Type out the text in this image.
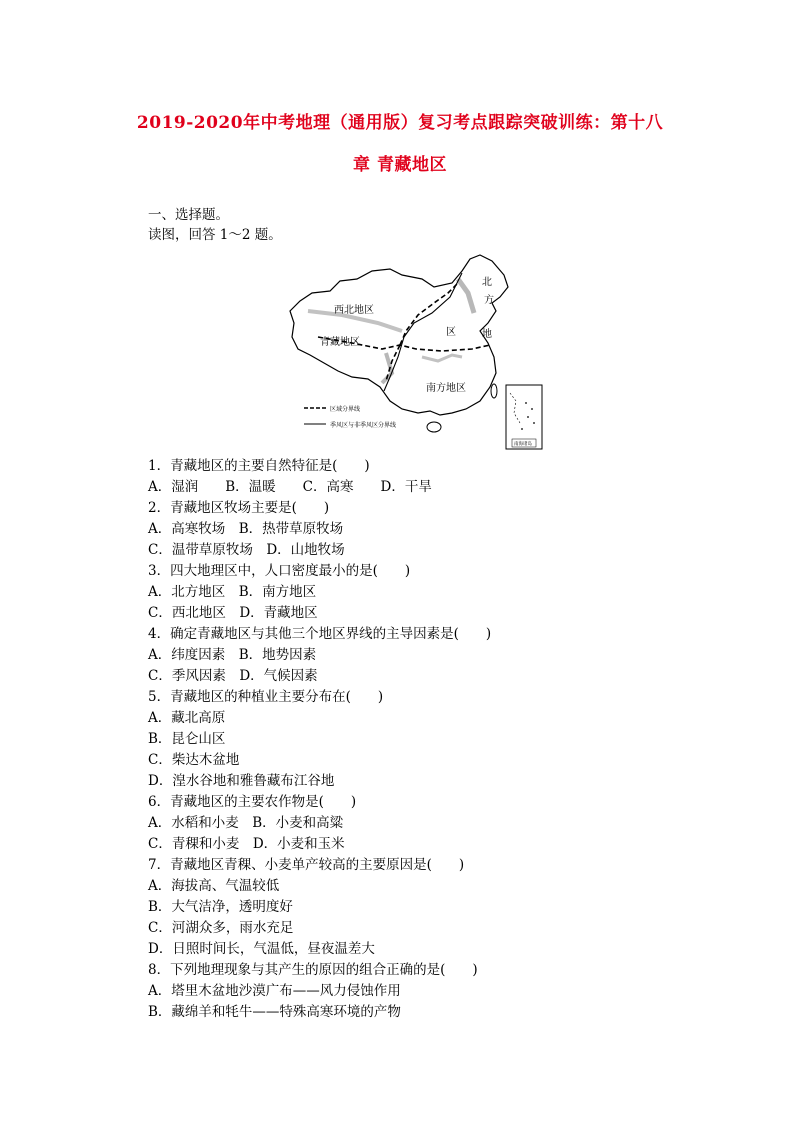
2019-2020年中考地理（通用版）复习考点跟踪突破训练：第十八
章 青藏地区
一、选择题。
读图，回答 1～2 题。
西北地区
青藏地区
南方地区
北
方
地
区
区域分界线
季风区与非季风区分界线
南海诸岛
1．青藏地区的主要自然特征是(　　)
A．湿润　　B．温暖　　C．高寒　　D．干旱
2．青藏地区牧场主要是(　　)
A．高寒牧场　B．热带草原牧场
C．温带草原牧场　D．山地牧场
3．四大地理区中，人口密度最小的是(　　)
A．北方地区　B．南方地区
C．西北地区　D．青藏地区
4．确定青藏地区与其他三个地区界线的主导因素是(　　)
A．纬度因素　B．地势因素
C．季风因素　D．气候因素
5．青藏地区的种植业主要分布在(　　)
A．藏北高原
B．昆仑山区
C．柴达木盆地
D．湟水谷地和雅鲁藏布江谷地
6．青藏地区的主要农作物是(　　)
A．水稻和小麦　B．小麦和高粱
C．青稞和小麦　D．小麦和玉米
7．青藏地区青稞、小麦单产较高的主要原因是(　　)
A．海拔高、气温较低
B．大气洁净，透明度好
C．河湖众多，雨水充足
D．日照时间长，气温低，昼夜温差大
8．下列地理现象与其产生的原因的组合正确的是(　　)
A．塔里木盆地沙漠广布——风力侵蚀作用
B．藏绵羊和牦牛——特殊高寒环境的产物
